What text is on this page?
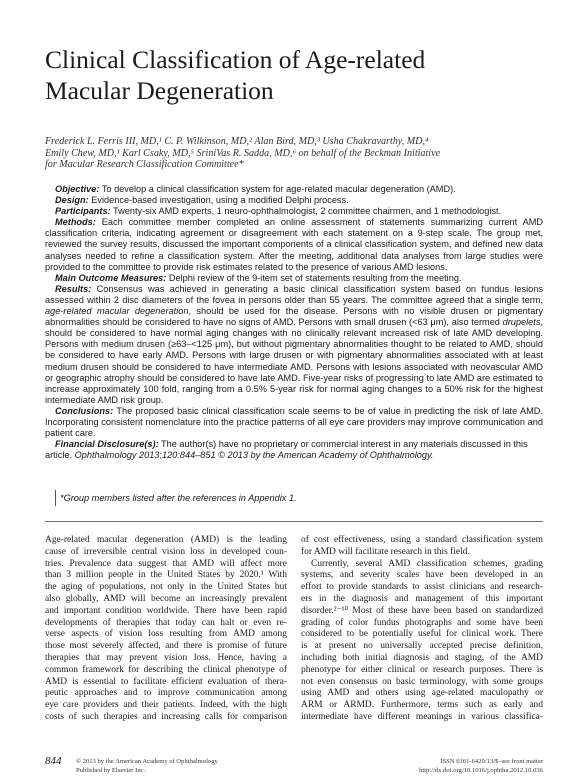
Clinical Classification of Age-related
Macular Degeneration
Frederick L. Ferris III, MD,¹ C. P. Wilkinson, MD,² Alan Bird, MD,³ Usha Chakravarthy, MD,⁴
Emily Chew, MD,¹ Karl Csaky, MD,⁵ SriniVas R. Sadda, MD,⁶ on behalf of the Beckman Initiative
for Macular Research Classification Committee*

Objective: To develop a clinical classification system for age-related macular degeneration (AMD).

Design: Evidence-based investigation, using a modified Delphi process.

Participants: Twenty-six AMD experts, 1 neuro-ophthalmologist, 2 committee chairmen, and 1 methodologist.

Methods: Each committee member completed an online assessment of statements summarizing current AMD classification criteria, indicating agreement or disagreement with each statement on a 9-step scale. The group met, reviewed the survey results, discussed the important components of a clinical classification system, and defined new data analyses needed to refine a classification system. After the meeting, additional data analyses from large studies were provided to the committee to provide risk estimates related to the presence of various AMD lesions.

Main Outcome Measures: Delphi review of the 9-item set of statements resulting from the meeting.

Results: Consensus was achieved in generating a basic clinical classification system based on fundus lesions assessed within 2 disc diameters of the fovea in persons older than 55 years. The committee agreed that a single term, age-related macular degeneration, should be used for the disease. Persons with no visible drusen or pigmentary abnormalities should be considered to have no signs of AMD. Persons with small drusen (<63 μm), also termed drupelets, should be considered to have normal aging changes with no clinically relevant increased risk of late AMD developing. Persons with medium drusen (≥63–<125 μm), but without pigmentary abnormalities thought to be related to AMD, should be considered to have early AMD. Persons with large drusen or with pigmentary abnormalities associated with at least medium drusen should be considered to have intermediate AMD. Persons with lesions associated with neovascular AMD or geographic atrophy should be considered to have late AMD. Five-year risks of progressing to late AMD are estimated to increase approximately 100 fold, ranging from a 0.5% 5-year risk for normal aging changes to a 50% risk for the highest intermediate AMD risk group.

Conclusions: The proposed basic clinical classification scale seems to be of value in predicting the risk of late AMD. Incorporating consistent nomenclature into the practice patterns of all eye care providers may improve communication and patient care.

Financial Disclosure(s): The author(s) have no proprietary or commercial interest in any materials discussed in this article. Ophthalmology 2013;120:844–851 © 2013 by the American Academy of Ophthalmology.

*Group members listed after the references in Appendix 1.

Age-related macular degeneration (AMD) is the leading
cause of irreversible central vision loss in developed coun-
tries. Prevalence data suggest that AMD will affect more
than 3 million people in the United States by 2020.¹ With
the aging of populations, not only in the United States but
also globally, AMD will become an increasingly prevalent
and important condition worldwide. There have been rapid
developments of therapies that today can halt or even re-
verse aspects of vision loss resulting from AMD among
those most severely affected, and there is promise of future
therapies that may prevent vision loss. Hence, having a
common framework for describing the clinical phenotype of
AMD is essential to facilitate efficient evaluation of thera-
peutic approaches and to improve communication among
eye care providers and their patients. Indeed, with the high
costs of such therapies and increasing calls for comparison
of cost effectiveness, using a standard classification system
for AMD will facilitate research in this field.
Currently, several AMD classification schemes, grading
systems, and severity scales have been developed in an
effort to provide standards to assist clinicians and research-
ers in the diagnosis and management of this important
disorder.²⁻¹⁰ Most of these have been based on standardized
grading of color fundus photographs and some have been
considered to be potentially useful for clinical work. There
is at present no universally accepted precise definition,
including both initial diagnosis and staging, of the AMD
phenotype for either clinical or research purposes. There is
not even consensus on basic terminology, with some groups
using AMD and others using age-related maculopathy or
ARM or ARMD. Furthermore, terms such as early and
intermediate have different meanings in various classifica-

844 © 2013 by the American Academy of Ophthalmology
Published by Elsevier Inc.
ISSN 0161-6420/13/$–see front matter
http://dx.doi.org/10.1016/j.ophtha.2012.10.036
